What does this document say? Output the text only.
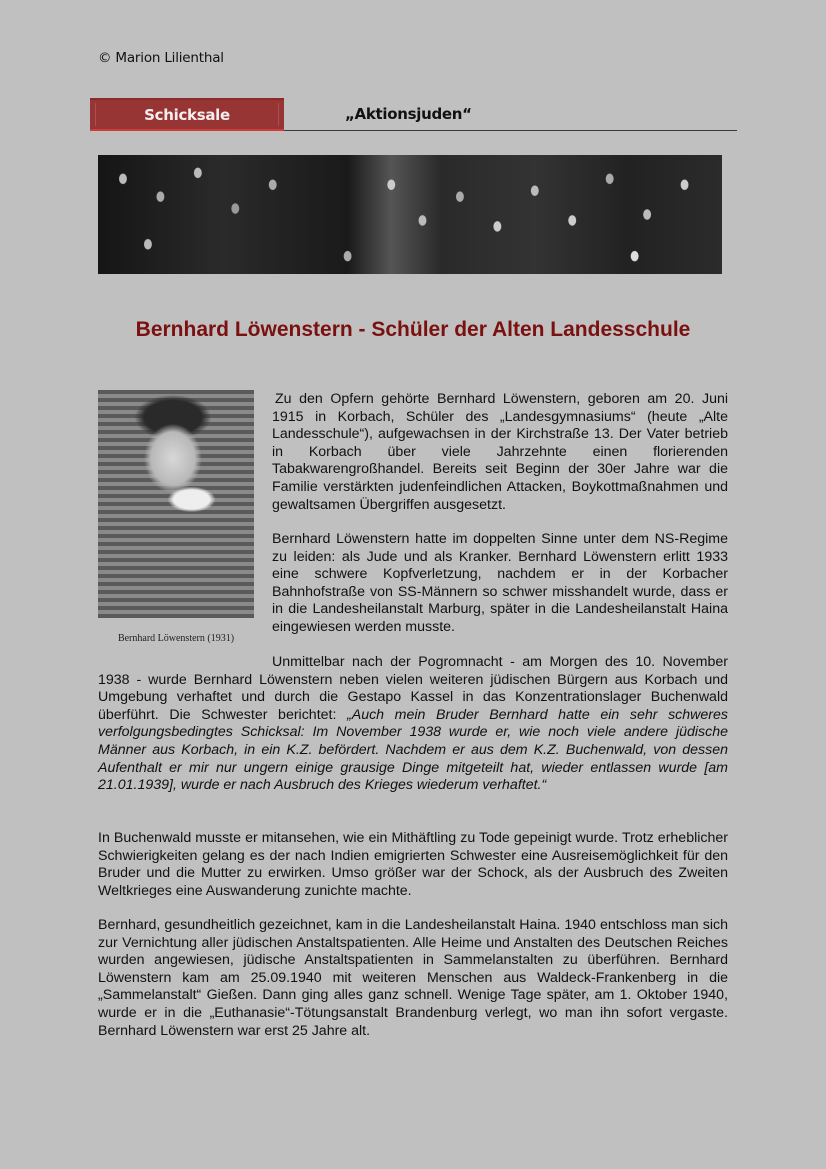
© Marion Lilienthal
Schicksale	„Aktionsjuden“
Bernhard Löwenstern - Schüler der Alten Landesschule
Bernhard Löwenstern (1931)

Zu den Opfern gehörte Bernhard Löwenstern, geboren am 20. Juni 1915 in Korbach, Schüler des „Landesgymnasiums“ (heute „Alte Landesschule“), aufgewachsen in der Kirchstraße 13. Der Vater betrieb in Korbach über viele Jahrzehnte einen florierenden Tabakwarengroßhandel. Bereits seit Beginn der 30er Jahre war die Familie verstärkten judenfeindlichen Attacken, Boykottmaßnahmen und gewaltsamen Übergriffen ausgesetzt.

Bernhard Löwenstern hatte im doppelten Sinne unter dem NS-Regime zu leiden: als Jude und als Kranker. Bernhard Löwenstern erlitt 1933 eine schwere Kopfverletzung, nachdem er in der Korbacher Bahnhofstraße von SS-Männern so schwer misshandelt wurde, dass er in die Landesheilanstalt Marburg, später in die Landesheilanstalt Haina eingewiesen werden musste.

Unmittelbar nach der Pogromnacht - am Morgen des 10. November 1938 - wurde Bernhard Löwenstern neben vielen weiteren jüdischen Bürgern aus Korbach und Umgebung verhaftet und durch die Gestapo Kassel in das Konzentrationslager Buchenwald überführt. Die Schwester berichtet: „Auch mein Bruder Bernhard hatte ein sehr schweres verfolgungsbedingtes Schicksal: Im November 1938 wurde er, wie noch viele andere jüdische Männer aus Korbach, in ein K.Z. befördert. Nachdem er aus dem K.Z. Buchenwald, von dessen Aufenthalt er mir nur ungern einige grausige Dinge mitgeteilt hat, wieder entlassen wurde [am 21.01.1939], wurde er nach Ausbruch des Krieges wiederum verhaftet.“

In Buchenwald musste er mitansehen, wie ein Mithäftling zu Tode gepeinigt wurde. Trotz erheblicher Schwierigkeiten gelang es der nach Indien emigrierten Schwester eine Ausreisemöglichkeit für den Bruder und die Mutter zu erwirken. Umso größer war der Schock, als der Ausbruch des Zweiten Weltkrieges eine Auswanderung zunichte machte.

Bernhard, gesundheitlich gezeichnet, kam in die Landesheilanstalt Haina. 1940 entschloss man sich zur Vernichtung aller jüdischen Anstaltspatienten. Alle Heime und Anstalten des Deutschen Reiches wurden angewiesen, jüdische Anstaltspatienten in Sammelanstalten zu überführen. Bernhard Löwenstern kam am 25.09.1940 mit weiteren Menschen aus Waldeck-Frankenberg in die „Sammelanstalt“ Gießen. Dann ging alles ganz schnell. Wenige Tage später, am 1. Oktober 1940, wurde er in die „Euthanasie“-Tötungsanstalt Brandenburg verlegt, wo man ihn sofort vergaste. Bernhard Löwenstern war erst 25 Jahre alt.
